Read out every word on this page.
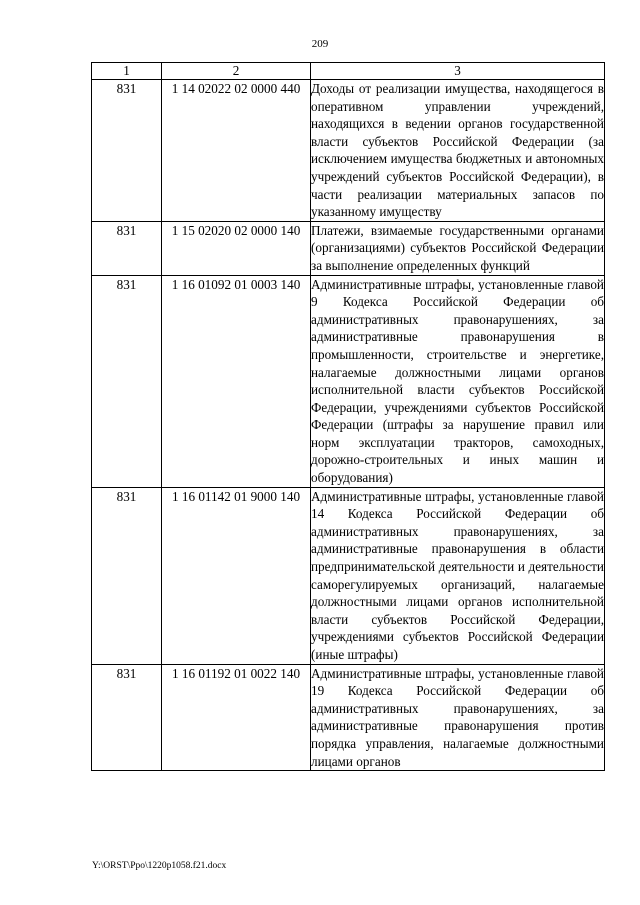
209
1	2	3
831	1 14 02022 02 0000 440	Доходы от реализации имущества, находящегося в оперативном управлении учреждений, находящихся в ведении органов государственной власти субъектов Российской Федерации (за исключением имущества бюджетных и автономных учреждений субъектов Российской Федерации), в части реализации материальных запасов по указанному имуществу
831	1 15 02020 02 0000 140	Платежи, взимаемые государственными органами (организациями) субъектов Российской Федерации за выполнение определенных функций
831	1 16 01092 01 0003 140	Административные штрафы, установленные главой 9 Кодекса Российской Федерации об административных правонарушениях, за административные правонарушения в промышленности, строительстве и энергетике, налагаемые должностными лицами органов исполнительной власти субъектов Российской Федерации, учреждениями субъектов Российской Федерации (штрафы за нарушение правил или норм эксплуатации тракторов, самоходных, дорожно-строительных и иных машин и оборудования)
831	1 16 01142 01 9000 140	Административные штрафы, установленные главой 14 Кодекса Российской Федерации об административных правонарушениях, за административные правонарушения в области предпринимательской деятельности и деятельности саморегулируемых организаций, налагаемые должностными лицами органов исполнительной власти субъектов Российской Федерации, учреждениями субъектов Российской Федерации (иные штрафы)
831	1 16 01192 01 0022 140	Административные штрафы, установленные главой 19 Кодекса Российской Федерации об административных правонарушениях, за административные правонарушения против порядка управления, налагаемые должностными лицами органов
Y:\ORST\Ppo\1220p1058.f21.docx
